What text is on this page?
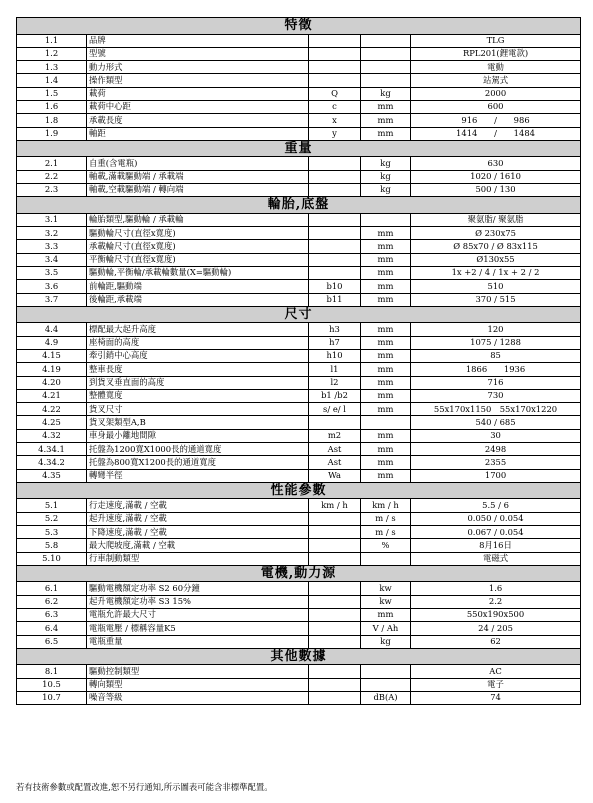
特徵				
1.1	品牌			TLG
1.2	型號			RPL201(鋰電款)
1.3	動力形式			電動
1.4	操作類型			站駕式
1.5	載荷	Q	kg	2000
1.6	載荷中心距	c	mm	600
1.8	承載長度	x	mm	916　　/　　986
1.9	軸距	y	mm	1414　　/　　1484
重量				
2.1	自重(含電瓶)		kg	630
2.2	軸載,滿載驅動端 / 承載端		kg	1020 / 1610
2.3	軸載,空載驅動端 / 轉向端		kg	500 / 130
輪胎,底盤				
3.1	輪胎類型,驅動輪 / 承載輪			聚氨脂/ 聚氨脂
3.2	驅動輪尺寸(直徑x寬度)		mm	Ø 230x75
3.3	承載輪尺寸(直徑x寬度)		mm	Ø 85x70 / Ø 83x115
3.4	平衡輪尺寸(直徑x寬度)		mm	Ø130x55
3.5	驅動輪,平衡輪/承載輪數量(X=驅動輪)		mm	1x +2 / 4 / 1x + 2 / 2
3.6	前輪距,驅動端	b10	mm	510
3.7	後輪距,承載端	b11	mm	370 / 515
尺寸				
4.4	標配最大起升高度	h3	mm	120
4.9	座椅面的高度	h7	mm	1075 / 1288
4.15	牽引銷中心高度	h10	mm	85
4.19	整車長度	l1	mm	1866　　1936
4.20	到貨叉垂直面的高度	l2	mm	716
4.21	整體寬度	b1 /b2	mm	730
4.22	貨叉尺寸	s/ e/ l	mm	55x170x1150　55x170x1220
4.25	貨叉架類型A,B			540 / 685
4.32	車身最小離地間隙	m2	mm	30
4.34.1	托盤為1200寬X1000長的通道寬度	Ast	mm	2498
4.34.2	托盤為800寬X1200長的通道寬度	Ast	mm	2355
4.35	轉彎半徑	Wa	mm	1700
性能參數				
5.1	行走速度,滿載 / 空載	km / h	km / h	5.5 / 6
5.2	起升速度,滿載 / 空載		m / s	0.050 / 0.054
5.3	下降速度,滿載 / 空載		m / s	0.067 / 0.054
5.8	最大爬坡度,滿載 / 空載		%	8月16日
5.10	行車制動類型			電磁式
電機,動力源				
6.1	驅動電機額定功率 S2 60分鐘		kw	1.6
6.2	起升電機額定功率 S3 15%		kw	2.2
6.3	電瓶允許最大尺寸		mm	550x190x500
6.4	電瓶電壓 / 標稱容量K5		V / Ah	24 / 205
6.5	電瓶重量		kg	62
其他數據				
8.1	驅動控制類型			AC
10.5	轉向類型			電子
10.7	噪音等級		dB(A)	74
若有技術參數或配置改進,恕不另行通知,所示圖表可能含非標準配置。
